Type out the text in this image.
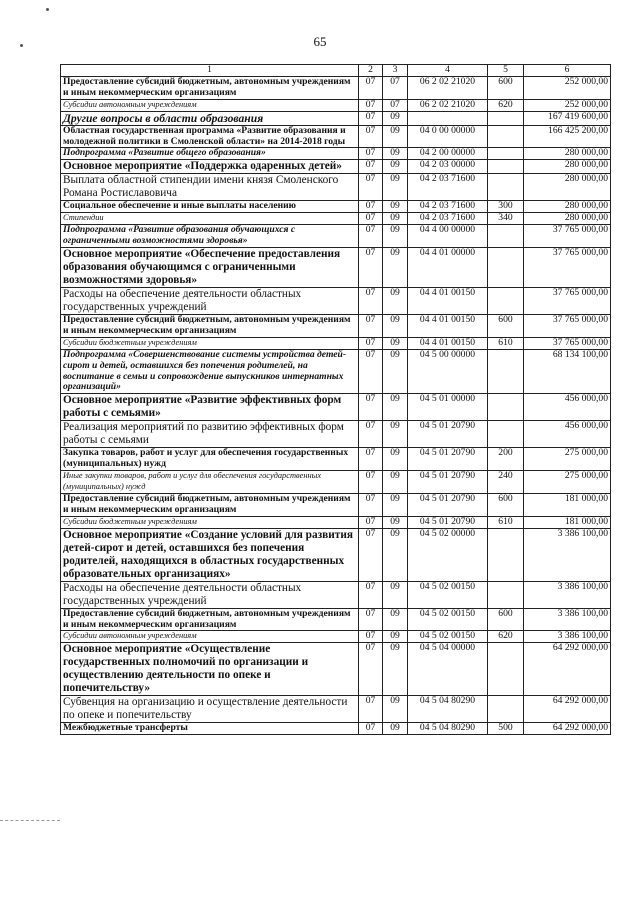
65
1	2	3	4	5	6
Предоставление субсидий бюджетным, автономным учреждениям и иным некоммерческим организациям	07	07	06 2 02 21020	600	252 000,00
Субсидии автономным учреждениям	07	07	06 2 02 21020	620	252 000,00
Другие вопросы в области образования	07	09			167 419 600,00
Областная государственная программа «Развитие образования и молодежной политики в Смоленской области» на 2014-2018 годы	07	09	04 0 00 00000		166 425 200,00
Подпрограмма «Развитие общего образования»	07	09	04 2 00 00000		280 000,00
Основное мероприятие «Поддержка одаренных детей»	07	09	04 2 03 00000		280 000,00
Выплата областной стипендии имени князя Смоленского Романа Ростиславовича	07	09	04 2 03 71600		280 000,00
Социальное обеспечение и иные выплаты населению	07	09	04 2 03 71600	300	280 000,00
Стипендии	07	09	04 2 03 71600	340	280 000,00
Подпрограмма «Развитие образования обучающихся с ограниченными возможностями здоровья»	07	09	04 4 00 00000		37 765 000,00
Основное мероприятие «Обеспечение предоставления образования обучающимся с ограниченными возможностями здоровья»	07	09	04 4 01 00000		37 765 000,00
Расходы на обеспечение деятельности областных государственных учреждений	07	09	04 4 01 00150		37 765 000,00
Предоставление субсидий бюджетным, автономным учреждениям и иным некоммерческим организациям	07	09	04 4 01 00150	600	37 765 000,00
Субсидии бюджетным учреждениям	07	09	04 4 01 00150	610	37 765 000,00
Подпрограмма «Совершенствование системы устройства детей-сирот и детей, оставшихся без попечения родителей, на воспитание в семьи и сопровождение выпускников интернатных организаций»	07	09	04 5 00 00000		68 134 100,00
Основное мероприятие «Развитие эффективных форм работы с семьями»	07	09	04 5 01 00000		456 000,00
Реализация мероприятий по развитию эффективных форм работы с семьями	07	09	04 5 01 20790		456 000,00
Закупка товаров, работ и услуг для обеспечения государственных (муниципальных) нужд	07	09	04 5 01 20790	200	275 000,00
Иные закупки товаров, работ и услуг для обеспечения государственных (муниципальных) нужд	07	09	04 5 01 20790	240	275 000,00
Предоставление субсидий бюджетным, автономным учреждениям и иным некоммерческим организациям	07	09	04 5 01 20790	600	181 000,00
Субсидии бюджетным учреждениям	07	09	04 5 01 20790	610	181 000,00
Основное мероприятие «Создание условий для развития детей-сирот и детей, оставшихся без попечения родителей, находящихся в областных государственных образовательных организациях»	07	09	04 5 02 00000		3 386 100,00
Расходы на обеспечение деятельности областных государственных учреждений	07	09	04 5 02 00150		3 386 100,00
Предоставление субсидий бюджетным, автономным учреждениям и иным некоммерческим организациям	07	09	04 5 02 00150	600	3 386 100,00
Субсидии автономным учреждениям	07	09	04 5 02 00150	620	3 386 100,00
Основное мероприятие «Осуществление государственных полномочий по организации и осуществлению деятельности по опеке и попечительству»	07	09	04 5 04 00000		64 292 000,00
Субвенция на организацию и осуществление деятельности по опеке и попечительству	07	09	04 5 04 80290		64 292 000,00
Межбюджетные трансферты	07	09	04 5 04 80290	500	64 292 000,00
